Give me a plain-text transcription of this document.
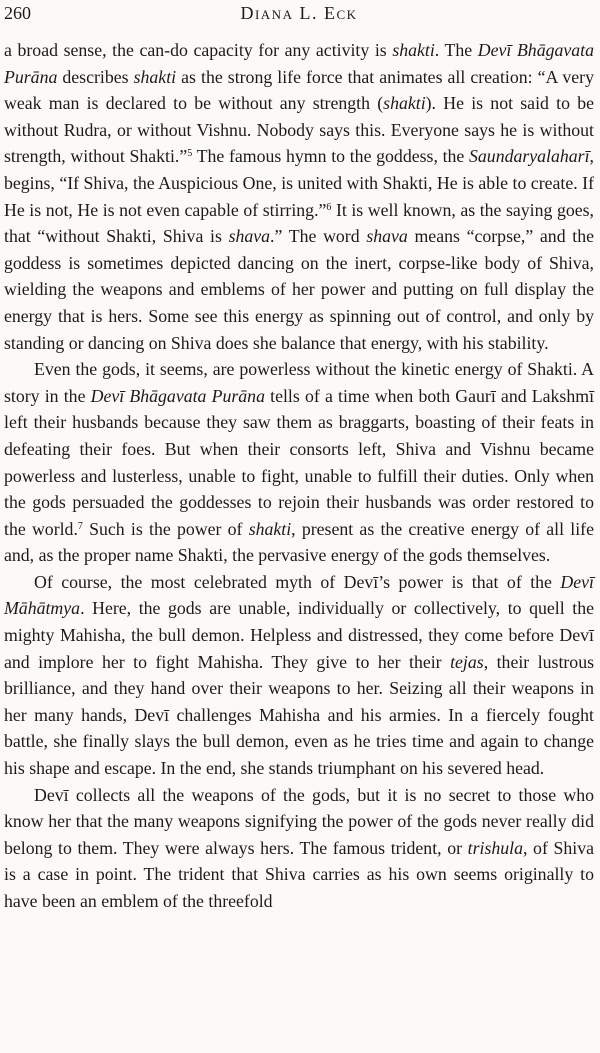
260	Diana L. Eck

a broad sense, the can-do capacity for any activity is shakti. The Devī Bhāgavata Purāna describes shakti as the strong life force that animates all creation: “A very weak man is declared to be without any strength (shakti). He is not said to be without Rudra, or without Vishnu. Nobody says this. Everyone says he is without strength, without Shakti.”$^5$ The famous hymn to the goddess, the Saundaryalaharī, begins, “If Shiva, the Auspicious One, is united with Shakti, He is able to create. If He is not, He is not even capable of stirring.”$^6$ It is well known, as the saying goes, that “without Shakti, Shiva is shava.” The word shava means “corpse,” and the goddess is sometimes depicted dancing on the inert, corpse-like body of Shiva, wielding the weapons and emblems of her power and putting on full display the energy that is hers. Some see this energy as spinning out of control, and only by standing or dancing on Shiva does she balance that energy, with his stability.

Even the gods, it seems, are powerless without the kinetic energy of Shakti. A story in the Devī Bhāgavata Purāna tells of a time when both Gaurī and Lakshmī left their husbands because they saw them as braggarts, boasting of their feats in defeating their foes. But when their consorts left, Shiva and Vishnu became powerless and lusterless, unable to fight, unable to fulfill their duties. Only when the gods persuaded the goddesses to rejoin their husbands was order restored to the world.$^7$ Such is the power of shakti, present as the creative energy of all life and, as the proper name Shakti, the pervasive energy of the gods themselves.

Of course, the most celebrated myth of Devī’s power is that of the Devī Māhātmya. Here, the gods are unable, individually or collectively, to quell the mighty Mahisha, the bull demon. Helpless and distressed, they come before Devī and implore her to fight Mahisha. They give to her their tejas, their lustrous brilliance, and they hand over their weapons to her. Seizing all their weapons in her many hands, Devī challenges Mahisha and his armies. In a fiercely fought battle, she finally slays the bull demon, even as he tries time and again to change his shape and escape. In the end, she stands triumphant on his severed head.

Devī collects all the weapons of the gods, but it is no secret to those who know her that the many weapons signifying the power of the gods never really did belong to them. They were always hers. The famous trident, or trishula, of Shiva is a case in point. The trident that Shiva carries as his own seems originally to have been an emblem of the threefold
